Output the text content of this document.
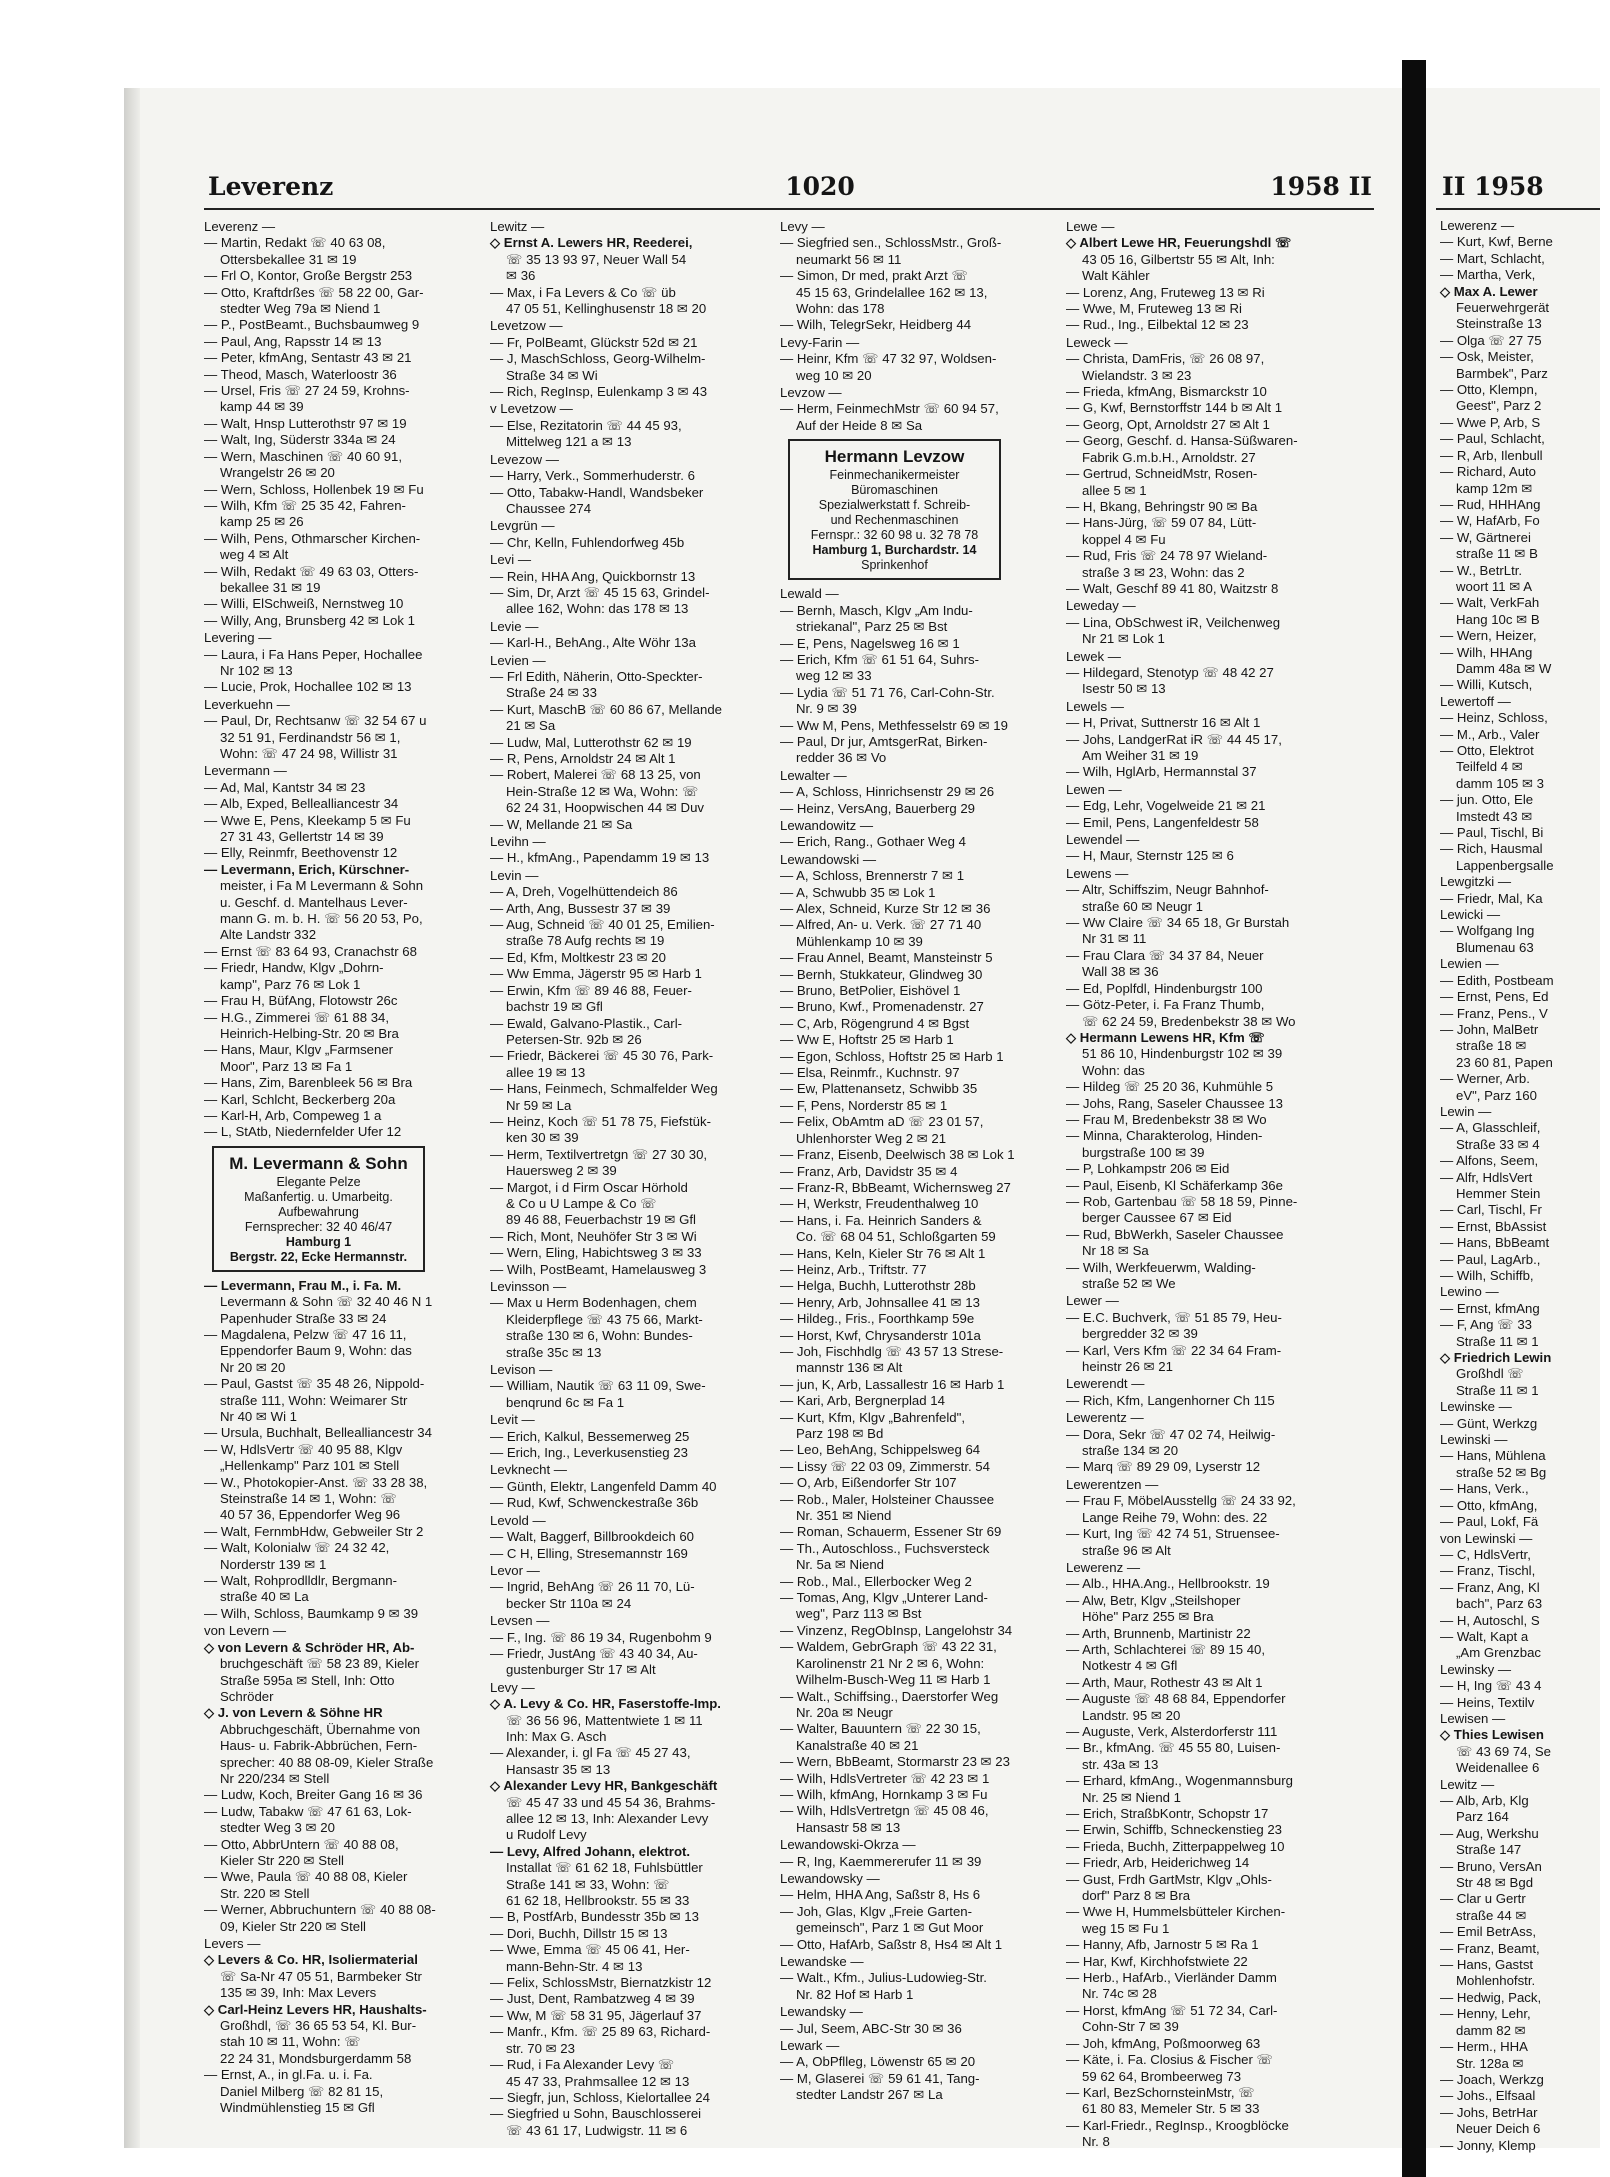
Leverenz	1020	1958 II
Leverenz —
— Martin, Redakt ☏ 40 63 08,
Ottersbekallee 31 ✉ 19
— Frl O, Kontor, Große Bergstr 253
— Otto, Kraftdrßes ☏ 58 22 00, Gar-
stedter Weg 79a ✉ Niend 1
— P., PostBeamt., Buchsbaumweg 9
— Paul, Ang, Rapsstr 14 ✉ 13
— Peter, kfmAng, Sentastr 43 ✉ 21
— Theod, Masch, Waterloostr 36
— Ursel, Fris ☏ 27 24 59, Krohns-
kamp 44 ✉ 39
— Walt, Hnsp Lutterothstr 97 ✉ 19
— Walt, Ing, Süderstr 334a ✉ 24
— Wern, Maschinen ☏ 40 60 91,
Wrangelstr 26 ✉ 20
— Wern, Schloss, Hollenbek 19 ✉ Fu
— Wilh, Kfm ☏ 25 35 42, Fahren-
kamp 25 ✉ 26
— Wilh, Pens, Othmarscher Kirchen-
weg 4 ✉ Alt
— Wilh, Redakt ☏ 49 63 03, Otters-
bekallee 31 ✉ 19
— Willi, ElSchweiß, Nernstweg 10
— Willy, Ang, Brunsberg 42 ✉ Lok 1
Levering —
— Laura, i Fa Hans Peper, Hochallee
Nr 102 ✉ 13
— Lucie, Prok, Hochallee 102 ✉ 13
Leverkuehn —
— Paul, Dr, Rechtsanw ☏ 32 54 67 u
32 51 91, Ferdinandstr 56 ✉ 1,
Wohn: ☏ 47 24 98, Willistr 31
Levermann —
— Ad, Mal, Kantstr 34 ✉ 23
— Alb, Exped, Bellealliancestr 34
— Wwe E, Pens, Kleekamp 5 ✉ Fu
27 31 43, Gellertstr 14 ✉ 39
— Elly, Reinmfr, Beethovenstr 12
— Levermann, Erich, Kürschner-
meister, i Fa M Levermann & Sohn
u. Geschf. d. Mantelhaus Lever-
mann G. m. b. H. ☏ 56 20 53, Po,
Alte Landstr 332
— Ernst ☏ 83 64 93, Cranachstr 68
— Friedr, Handw, Klgv „Dohrn-
kamp", Parz 76 ✉ Lok 1
— Frau H, BüfAng, Flotowstr 26c
— H.G., Zimmerei ☏ 61 88 34,
Heinrich-Helbing-Str. 20 ✉ Bra
— Hans, Maur, Klgv „Farmsener
Moor", Parz 13 ✉ Fa 1
— Hans, Zim, Barenbleek 56 ✉ Bra
— Karl, Schlcht, Beckerberg 20a
— Karl-H, Arb, Compeweg 1 a
— L, StAtb, Niedernfelder Ufer 12
M. Levermann & Sohn
Elegante Pelze
Maßanfertig. u. Umarbeitg.
Aufbewahrung
Fernsprecher: 32 40 46/47
Hamburg 1
Bergstr. 22, Ecke Hermannstr.
— Levermann, Frau M., i. Fa. M.
Levermann & Sohn ☏ 32 40 46 N 1
Papenhuder Straße 33 ✉ 24
— Magdalena, Pelzw ☏ 47 16 11,
Eppendorfer Baum 9, Wohn: das
Nr 20 ✉ 20
— Paul, Gastst ☏ 35 48 26, Nippold-
straße 111, Wohn: Weimarer Str
Nr 40 ✉ Wi 1
— Ursula, Buchhalt, Bellealliancestr 34
— W, HdlsVertr ☏ 40 95 88, Klgv
„Hellenkamp" Parz 101 ✉ Stell
— W., Photokopier-Anst. ☏ 33 28 38,
Steinstraße 14 ✉ 1, Wohn: ☏
40 57 36, Eppendorfer Weg 96
— Walt, FernmbHdw, Gebweiler Str 2
— Walt, Kolonialw ☏ 24 32 42,
Norderstr 139 ✉ 1
— Walt, Rohprodlldlr, Bergmann-
straße 40 ✉ La
— Wilh, Schloss, Baumkamp 9 ✉ 39
von Levern —
◇ von Levern & Schröder HR, Ab-
bruchgeschäft ☏ 58 23 89, Kieler
Straße 595a ✉ Stell, Inh: Otto
Schröder
◇ J. von Levern & Söhne HR
Abbruchgeschäft, Übernahme von
Haus- u. Fabrik-Abbrüchen, Fern-
sprecher: 40 88 08-09, Kieler Straße
Nr 220/234 ✉ Stell
— Ludw, Koch, Breiter Gang 16 ✉ 36
— Ludw, Tabakw ☏ 47 61 63, Lok-
stedter Weg 3 ✉ 20
— Otto, AbbrUntern ☏ 40 88 08,
Kieler Str 220 ✉ Stell
— Wwe, Paula ☏ 40 88 08, Kieler
Str. 220 ✉ Stell
— Werner, Abbruchuntern ☏ 40 88 08-
09, Kieler Str 220 ✉ Stell
Levers —
◇ Levers & Co. HR, Isoliermaterial
☏ Sa-Nr 47 05 51, Barmbeker Str
135 ✉ 39, Inh: Max Levers
◇ Carl-Heinz Levers HR, Haushalts-
Großhdl, ☏ 36 65 53 54, Kl. Bur-
stah 10 ✉ 11, Wohn: ☏
22 24 31, Mondsburgerdamm 58
— Ernst, A., in gl.Fa. u. i. Fa.
Daniel Milberg ☏ 82 81 15,
Windmühlenstieg 15 ✉ Gfl
Lewitz —
◇ Ernst A. Lewers HR, Reederei,
☏ 35 13 93 97, Neuer Wall 54
✉ 36
— Max, i Fa Levers & Co ☏ üb
47 05 51, Kellinghusenstr 18 ✉ 20
Levetzow —
— Fr, PolBeamt, Glückstr 52d ✉ 21
— J, MaschSchloss, Georg-Wilhelm-
Straße 34 ✉ Wi
— Rich, RegInsp, Eulenkamp 3 ✉ 43
v Levetzow —
— Else, Rezitatorin ☏ 44 45 93,
Mittelweg 121 a ✉ 13
Levezow —
— Harry, Verk., Sommerhuderstr. 6
— Otto, Tabakw-Handl, Wandsbeker
Chaussee 274
Levgrün —
— Chr, Kelln, Fuhlendorfweg 45b
Levi —
— Rein, HHA Ang, Quickbornstr 13
— Sim, Dr, Arzt ☏ 45 15 63, Grindel-
allee 162, Wohn: das 178 ✉ 13
Levie —
— Karl-H., BehAng., Alte Wöhr 13a
Levien —
— Frl Edith, Näherin, Otto-Speckter-
Straße 24 ✉ 33
— Kurt, MaschB ☏ 60 86 67, Mellande
21 ✉ Sa
— Ludw, Mal, Lutterothstr 62 ✉ 19
— R, Pens, Arnoldstr 24 ✉ Alt 1
— Robert, Malerei ☏ 68 13 25, von
Hein-Straße 12 ✉ Wa, Wohn: ☏
62 24 31, Hoopwischen 44 ✉ Duv
— W, Mellande 21 ✉ Sa
Levihn —
— H., kfmAng., Papendamm 19 ✉ 13
Levin —
— A, Dreh, Vogelhüttendeich 86
— Arth, Ang, Bussestr 37 ✉ 39
— Aug, Schneid ☏ 40 01 25, Emilien-
straße 78 Aufg rechts ✉ 19
— Ed, Kfm, Moltkestr 23 ✉ 20
— Ww Emma, Jägerstr 95 ✉ Harb 1
— Erwin, Kfm ☏ 89 46 88, Feuer-
bachstr 19 ✉ Gfl
— Ewald, Galvano-Plastik., Carl-
Petersen-Str. 92b ✉ 26
— Friedr, Bäckerei ☏ 45 30 76, Park-
allee 19 ✉ 13
— Hans, Feinmech, Schmalfelder Weg
Nr 59 ✉ La
— Heinz, Koch ☏ 51 78 75, Fiefstük-
ken 30 ✉ 39
— Herm, Textilvertretgn ☏ 27 30 30,
Hauersweg 2 ✉ 39
— Margot, i d Firm Oscar Hörhold
& Co u U Lampe & Co ☏
89 46 88, Feuerbachstr 19 ✉ Gfl
— Rich, Mont, Neuhöfer Str 3 ✉ Wi
— Wern, Eling, Habichtsweg 3 ✉ 33
— Wilh, PostBeamt, Hamelausweg 3
Levinsson —
— Max u Herm Bodenhagen, chem
Kleiderpflege ☏ 43 75 66, Markt-
straße 130 ✉ 6, Wohn: Bundes-
straße 35c ✉ 13
Levison —
— William, Nautik ☏ 63 11 09, Swe-
benqrund 6c ✉ Fa 1
Levit —
— Erich, Kalkul, Bessemerweg 25
— Erich, Ing., Leverkusenstieg 23
Levknecht —
— Günth, Elektr, Langenfeld Damm 40
— Rud, Kwf, Schwenckestraße 36b
Levold —
— Walt, Baggerf, Billbrookdeich 60
— C H, Elling, Stresemannstr 169
Levor —
— Ingrid, BehAng ☏ 26 11 70, Lü-
becker Str 110a ✉ 24
Levsen —
— F., Ing. ☏ 86 19 34, Rugenbohm 9
— Friedr, JustAng ☏ 43 40 34, Au-
gustenburger Str 17 ✉ Alt
Levy —
◇ A. Levy & Co. HR, Faserstoffe-Imp.
☏ 36 56 96, Mattentwiete 1 ✉ 11
Inh: Max G. Asch
— Alexander, i. gl Fa ☏ 45 27 43,
Hansastr 35 ✉ 13
◇ Alexander Levy HR, Bankgeschäft
☏ 45 47 33 und 45 54 36, Brahms-
allee 12 ✉ 13, Inh: Alexander Levy
u Rudolf Levy
— Levy, Alfred Johann, elektrot.
Installat ☏ 61 62 18, Fuhlsbüttler
Straße 141 ✉ 33, Wohn: ☏
61 62 18, Hellbrookstr. 55 ✉ 33
— B, PostfArb, Bundesstr 35b ✉ 13
— Dori, Buchh, Dillstr 15 ✉ 13
— Wwe, Emma ☏ 45 06 41, Her-
mann-Behn-Str. 4 ✉ 13
— Felix, SchlossMstr, Biernatzkistr 12
— Just, Dent, Rambatzweg 4 ✉ 39
— Ww, M ☏ 58 31 95, Jägerlauf 37
— Manfr., Kfm. ☏ 25 89 63, Richard-
str. 70 ✉ 23
— Rud, i Fa Alexander Levy ☏
45 47 33, Prahmsallee 12 ✉ 13
— Siegfr, jun, Schloss, Kielortallee 24
— Siegfried u Sohn, Bauschlosserei
☏ 43 61 17, Ludwigstr. 11 ✉ 6
Levy —
— Siegfried sen., SchlossMstr., Groß-
neumarkt 56 ✉ 11
— Simon, Dr med, prakt Arzt ☏
45 15 63, Grindelallee 162 ✉ 13,
Wohn: das 178
— Wilh, TelegrSekr, Heidberg 44
Levy-Farin —
— Heinr, Kfm ☏ 47 32 97, Woldsen-
weg 10 ✉ 20
Levzow —
— Herm, FeinmechMstr ☏ 60 94 57,
Auf der Heide 8 ✉ Sa
Hermann Levzow
Feinmechanikermeister
Büromaschinen
Spezialwerkstatt f. Schreib-
und Rechenmaschinen
Fernspr.: 32 60 98 u. 32 78 78
Hamburg 1, Burchardstr. 14
Sprinkenhof
Lewald —
— Bernh, Masch, Klgv „Am Indu-
striekanal", Parz 25 ✉ Bst
— E, Pens, Nagelsweg 16 ✉ 1
— Erich, Kfm ☏ 61 51 64, Suhrs-
weg 12 ✉ 33
— Lydia ☏ 51 71 76, Carl-Cohn-Str.
Nr. 9 ✉ 39
— Ww M, Pens, Methfesselstr 69 ✉ 19
— Paul, Dr jur, AmtsgerRat, Birken-
redder 36 ✉ Vo
Lewalter —
— A, Schloss, Hinrichsenstr 29 ✉ 26
— Heinz, VersAng, Bauerberg 29
Lewandowitz —
— Erich, Rang., Gothaer Weg 4
Lewandowski —
— A, Schloss, Brennerstr 7 ✉ 1
— A, Schwubb 35 ✉ Lok 1
— Alex, Schneid, Kurze Str 12 ✉ 36
— Alfred, An- u. Verk. ☏ 27 71 40
Mühlenkamp 10 ✉ 39
— Frau Annel, Beamt, Mansteinstr 5
— Bernh, Stukkateur, Glindweg 30
— Bruno, BetPolier, Eishövel 1
— Bruno, Kwf., Promenadenstr. 27
— C, Arb, Rögengrund 4 ✉ Bgst
— Ww E, Hoftstr 25 ✉ Harb 1
— Egon, Schloss, Hoftstr 25 ✉ Harb 1
— Elsa, Reinmfr., Kuchnstr. 97
— Ew, Plattenansetz, Schwibb 35
— F, Pens, Norderstr 85 ✉ 1
— Felix, ObAmtm aD ☏ 23 01 57,
Uhlenhorster Weg 2 ✉ 21
— Franz, Eisenb, Deelwisch 38 ✉ Lok 1
— Franz, Arb, Davidstr 35 ✉ 4
— Franz-R, BbBeamt, Wichernsweg 27
— H, Werkstr, Freudenthalweg 10
— Hans, i. Fa. Heinrich Sanders &
Co. ☏ 68 04 51, Schloßgarten 59
— Hans, Keln, Kieler Str 76 ✉ Alt 1
— Heinz, Arb., Triftstr. 77
— Helga, Buchh, Lutterothstr 28b
— Henry, Arb, Johnsallee 41 ✉ 13
— Hildeg., Fris., Foorthkamp 59e
— Horst, Kwf, Chrysanderstr 101a
— Joh, Fischhdlg ☏ 43 57 13 Strese-
mannstr 136 ✉ Alt
— jun, K, Arb, Lassallestr 16 ✉ Harb 1
— Kari, Arb, Bergnerplad 14
— Kurt, Kfm, Klgv „Bahrenfeld",
Parz 198 ✉ Bd
— Leo, BehAng, Schippelsweg 64
— Lissy ☏ 22 03 09, Zimmerstr. 54
— O, Arb, Eißendorfer Str 107
— Rob., Maler, Holsteiner Chaussee
Nr. 351 ✉ Niend
— Roman, Schauerm, Essener Str 69
— Th., Autoschloss., Fuchsversteck
Nr. 5a ✉ Niend
— Rob., Mal., Ellerbocker Weg 2
— Tomas, Ang, Klgv „Unterer Land-
weg", Parz 113 ✉ Bst
— Vinzenz, RegObInsp, Langelohstr 34
— Waldem, GebrGraph ☏ 43 22 31,
Karolinenstr 21 Nr 2 ✉ 6, Wohn:
Wilhelm-Busch-Weg 11 ✉ Harb 1
— Walt., Schiffsing., Daerstorfer Weg
Nr. 20a ✉ Neugr
— Walter, Bauuntern ☏ 22 30 15,
Kanalstraße 40 ✉ 21
— Wern, BbBeamt, Stormarstr 23 ✉ 23
— Wilh, HdlsVertreter ☏ 42 23 ✉ 1
— Wilh, kfmAng, Hornkamp 3 ✉ Fu
— Wilh, HdlsVertretgn ☏ 45 08 46,
Hansastr 58 ✉ 13
Lewandowski-Okrza —
— R, Ing, Kaemmererufer 11 ✉ 39
Lewandowsky —
— Helm, HHA Ang, Saßstr 8, Hs 6
— Joh, Glas, Klgv „Freie Garten-
gemeinsch", Parz 1 ✉ Gut Moor
— Otto, HafArb, Saßstr 8, Hs4 ✉ Alt 1
Lewandske —
— Walt., Kfm., Julius-Ludowieg-Str.
Nr. 82 Hof ✉ Harb 1
Lewandsky —
— Jul, Seem, ABC-Str 30 ✉ 36
Lewark —
— A, ObPflleg, Löwenstr 65 ✉ 20
— M, Glaserei ☏ 59 61 41, Tang-
stedter Landstr 267 ✉ La
Lewe —
◇ Albert Lewe HR, Feuerungshdl ☏
43 05 16, Gilbertstr 55 ✉ Alt, Inh:
Walt Kähler
— Lorenz, Ang, Fruteweg 13 ✉ Ri
— Wwe, M, Fruteweg 13 ✉ Ri
— Rud., Ing., Eilbektal 12 ✉ 23
Leweck —
— Christa, DamFris, ☏ 26 08 97,
Wielandstr. 3 ✉ 23
— Frieda, kfmAng, Bismarckstr 10
— G, Kwf, Bernstorffstr 144 b ✉ Alt 1
— Georg, Opt, Arnoldstr 27 ✉ Alt 1
— Georg, Geschf. d. Hansa-Süßwaren-
Fabrik G.m.b.H., Arnoldstr. 27
— Gertrud, SchneidMstr, Rosen-
allee 5 ✉ 1
— H, Bkang, Behringstr 90 ✉ Ba
— Hans-Jürg, ☏ 59 07 84, Lütt-
koppel 4 ✉ Fu
— Rud, Fris ☏ 24 78 97 Wieland-
straße 3 ✉ 23, Wohn: das 2
— Walt, Geschf 89 41 80, Waitzstr 8
Leweday —
— Lina, ObSchwest iR, Veilchenweg
Nr 21 ✉ Lok 1
Lewek —
— Hildegard, Stenotyp ☏ 48 42 27
Isestr 50 ✉ 13
Lewels —
— H, Privat, Suttnerstr 16 ✉ Alt 1
— Johs, LandgerRat iR ☏ 44 45 17,
Am Weiher 31 ✉ 19
— Wilh, HglArb, Hermannstal 37
Lewen —
— Edg, Lehr, Vogelweide 21 ✉ 21
— Emil, Pens, Langenfeldestr 58
Lewendel —
— H, Maur, Sternstr 125 ✉ 6
Lewens —
— Altr, Schiffszim, Neugr Bahnhof-
straße 60 ✉ Neugr 1
— Ww Claire ☏ 34 65 18, Gr Burstah
Nr 31 ✉ 11
— Frau Clara ☏ 34 37 84, Neuer
Wall 38 ✉ 36
— Ed, Poplfdl, Hindenburgstr 100
— Götz-Peter, i. Fa Franz Thumb,
☏ 62 24 59, Bredenbekstr 38 ✉ Wo
◇ Hermann Lewens HR, Kfm ☏
51 86 10, Hindenburgstr 102 ✉ 39
Wohn: das
— Hildeg ☏ 25 20 36, Kuhmühle 5
— Johs, Rang, Saseler Chaussee 13
— Frau M, Bredenbekstr 38 ✉ Wo
— Minna, Charakterolog, Hinden-
burgstraße 100 ✉ 39
— P, Lohkampstr 206 ✉ Eid
— Paul, Eisenb, Kl Schäferkamp 36e
— Rob, Gartenbau ☏ 58 18 59, Pinne-
berger Caussee 67 ✉ Eid
— Rud, BbWerkh, Saseler Chaussee
Nr 18 ✉ Sa
— Wilh, Werkfeuerwm, Walding-
straße 52 ✉ We
Lewer —
— E.C. Buchverk, ☏ 51 85 79, Heu-
bergredder 32 ✉ 39
— Karl, Vers Kfm ☏ 22 34 64 Fram-
heinstr 26 ✉ 21
Lewerendt —
— Rich, Kfm, Langenhorner Ch 115
Lewerentz —
— Dora, Sekr ☏ 47 02 74, Heilwig-
straße 134 ✉ 20
— Marq ☏ 89 29 09, Lyserstr 12
Lewerentzen —
— Frau F, MöbelAusstellg ☏ 24 33 92,
Lange Reihe 79, Wohn: des. 22
— Kurt, Ing ☏ 42 74 51, Struensee-
straße 96 ✉ Alt
Lewerenz —
— Alb., HHA.Ang., Hellbrookstr. 19
— Alw, Betr, Klgv „Steilshoper
Höhe" Parz 255 ✉ Bra
— Arth, Brunnenb, Martinistr 22
— Arth, Schlachterei ☏ 89 15 40,
Notkestr 4 ✉ Gfl
— Arth, Maur, Rothestr 43 ✉ Alt 1
— Auguste ☏ 48 68 84, Eppendorfer
Landstr. 95 ✉ 20
— Auguste, Verk, Alsterdorferstr 111
— Br., kfmAng. ☏ 45 55 80, Luisen-
str. 43a ✉ 13
— Erhard, kfmAng., Wogenmannsburg
Nr. 25 ✉ Niend 1
— Erich, StraßbKontr, Schopstr 17
— Erwin, Schiffb, Schneckenstieg 23
— Frieda, Buchh, Zitterpappelweg 10
— Friedr, Arb, Heiderichweg 14
— Gust, Frdh GartMstr, Klgv „Ohls-
dorf" Parz 8 ✉ Bra
— Wwe H, Hummelsbütteler Kirchen-
weg 15 ✉ Fu 1
— Hanny, Afb, Jarnostr 5 ✉ Ra 1
— Har, Kwf, Kirchhofstwiete 22
— Herb., HafArb., Vierländer Damm
Nr. 74c ✉ 28
— Horst, kfmAng ☏ 51 72 34, Carl-
Cohn-Str 7 ✉ 39
— Joh, kfmAng, Poßmoorweg 63
— Käte, i. Fa. Closius & Fischer ☏
59 62 64, Brombeerweg 73
— Karl, BezSchornsteinMstr, ☏
61 80 83, Memeler Str. 5 ✉ 33
— Karl-Friedr., RegInsp., Kroogblöcke
Nr. 8
II 1958
Lewerenz —
— Kurt, Kwf, Berne
— Mart, Schlacht,
— Martha, Verk,
◇ Max A. Lewer
Feuerwehrgerät
Steinstraße 13
— Olga ☏ 27 75
— Osk, Meister,
Barmbek", Parz
— Otto, Klempn,
Geest", Parz 2
— Wwe P, Arb, S
— Paul, Schlacht,
— R, Arb, Ilenbull
— Richard, Auto
kamp 12m ✉
— Rud, HHHAng
— W, HafArb, Fo
— W, Gärtnerei
straße 11 ✉ B
— W., BetrLtr.
woort 11 ✉ A
— Walt, VerkFah
Hang 10c ✉ B
— Wern, Heizer,
— Wilh, HHAng
Damm 48a ✉ W
— Willi, Kutsch,
Lewertoff —
— Heinz, Schloss,
— M., Arb., Valer
— Otto, Elektrot
Teilfeld 4 ✉
damm 105 ✉ 3
— jun. Otto, Ele
Imstedt 43 ✉
— Paul, Tischl, Bi
— Rich, Hausmal
Lappenbergsalle
Lewgitzki —
— Friedr, Mal, Ka
Lewicki —
— Wolfgang Ing
Blumenau 63
Lewien —
— Edith, Postbeam
— Ernst, Pens, Ed
— Franz, Pens., V
— John, MalBetr
straße 18 ✉
23 60 81, Papen
— Werner, Arb.
eV", Parz 160
Lewin —
— A, Glasschleif,
Straße 33 ✉ 4
— Alfons, Seem,
— Alfr, HdlsVert
Hemmer Stein
— Carl, Tischl, Fr
— Ernst, BbAssist
— Hans, BbBeamt
— Paul, LagArb.,
— Wilh, Schiffb,
Lewino —
— Ernst, kfmAng
— F, Ang ☏ 33
Straße 11 ✉ 1
◇ Friedrich Lewin
Großhdl ☏
Straße 11 ✉ 1
Lewinske —
— Günt, Werkzg
Lewinski —
— Hans, Mühlena
straße 52 ✉ Bg
— Hans, Verk.,
— Otto, kfmAng,
— Paul, Lokf, Fä
von Lewinski —
— C, HdlsVertr,
— Franz, Tischl,
— Franz, Ang, Kl
bach", Parz 63
— H, Autoschl, S
— Walt, Kapt a
„Am Grenzbac
Lewinsky —
— H, Ing ☏ 43 4
— Heins, Textilv
Lewisen —
◇ Thies Lewisen
☏ 43 69 74, Se
Weidenallee 6
Lewitz —
— Alb, Arb, Klg
Parz 164
— Aug, Werkshu
Straße 147
— Bruno, VersAn
Str 48 ✉ Bgd
— Clar u Gertr
straße 44 ✉
— Emil BetrAss,
— Franz, Beamt,
— Hans, Gastst
Mohlenhofstr.
— Hedwig, Pack,
— Henny, Lehr,
damm 82 ✉
— Herm., HHA
Str. 128a ✉
— Joach, Werkzg
— Johs., Elfsaal
— Johs, BetrHar
Neuer Deich 6
— Jonny, Klemp
